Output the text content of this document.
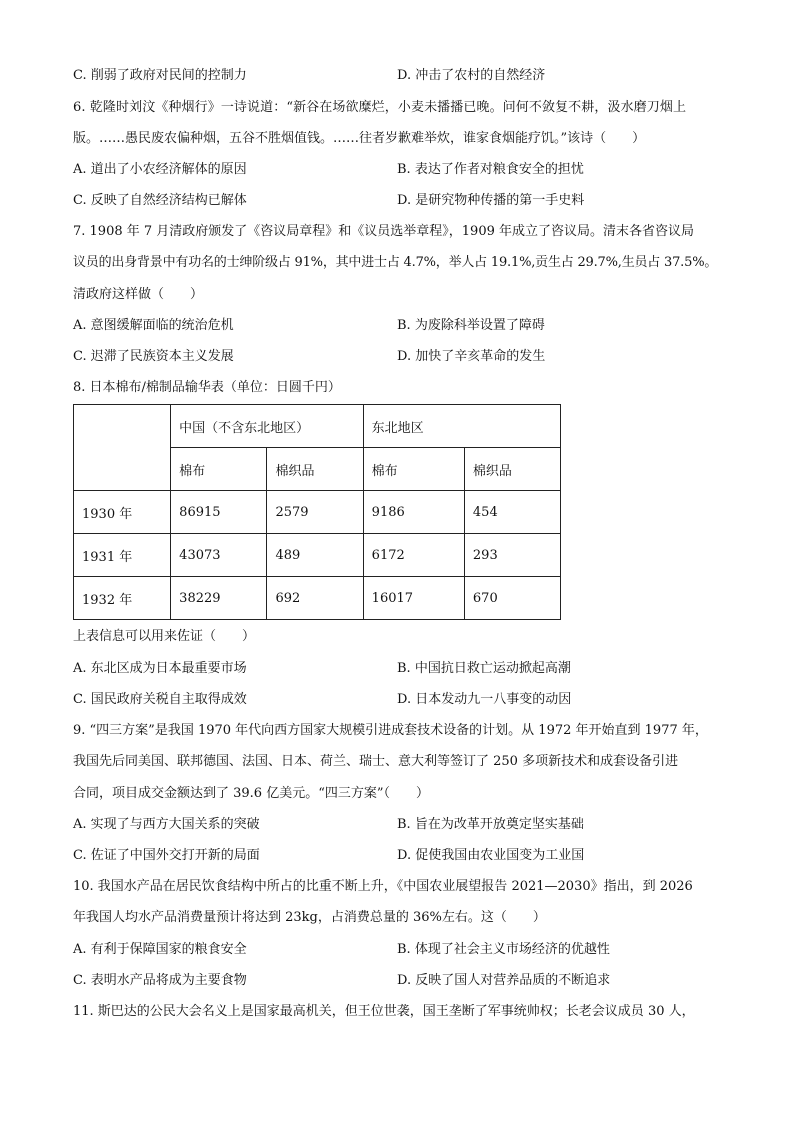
C. 削弱了政府对民间的控制力	D. 冲击了农村的自然经济
6. 乾隆时刘汶《种烟行》一诗说道：“新谷在场欲糜烂，小麦未播播已晚。问何不敛复不耕，汲水磨刀烟上
版。……愚民废农偏种烟，五谷不胜烟值钱。……往者岁歉难举炊，谁家食烟能疗饥。”该诗（　　）
A. 道出了小农经济解体的原因	B. 表达了作者对粮食安全的担忧
C. 反映了自然经济结构已解体	D. 是研究物种传播的第一手史料
7. 1908 年 7 月清政府颁发了《咨议局章程》和《议员选举章程》，1909 年成立了咨议局。清末各省咨议局
议员的出身背景中有功名的士绅阶级占 91%，其中进士占 4.7%，举人占 19.1%,贡生占 29.7%,生员占 37.5%。
清政府这样做（　　）
A. 意图缓解面临的统治危机	B. 为废除科举设置了障碍
C. 迟滞了民族资本主义发展	D. 加快了辛亥革命的发生
8. 日本棉布/棉制品输华表（单位：日圆千円）
	中国（不含东北地区）		东北地区	
	棉布	棉织品	棉布	棉织品
1930 年	86915	2579	9186	454
1931 年	43073	489	6172	293
1932 年	38229	692	16017	670
上表信息可以用来佐证（　　）
A. 东北区成为日本最重要市场	B. 中国抗日救亡运动掀起高潮
C. 国民政府关税自主取得成效	D. 日本发动九一八事变的动因
9. “四三方案”是我国 1970 年代向西方国家大规模引进成套技术设备的计划。从 1972 年开始直到 1977 年，
我国先后同美国、联邦德国、法国、日本、荷兰、瑞士、意大利等签订了 250 多项新技术和成套设备引进
合同，项目成交金额达到了 39.6 亿美元。“四三方案”（　　）
A. 实现了与西方大国关系的突破	B. 旨在为改革开放奠定坚实基础
C. 佐证了中国外交打开新的局面	D. 促使我国由农业国变为工业国
10. 我国水产品在居民饮食结构中所占的比重不断上升，《中国农业展望报告 2021—2030》指出，到 2026
年我国人均水产品消费量预计将达到 23kg，占消费总量的 36%左右。这（　　）
A. 有利于保障国家的粮食安全	B. 体现了社会主义市场经济的优越性
C. 表明水产品将成为主要食物	D. 反映了国人对营养品质的不断追求
11. 斯巴达的公民大会名义上是国家最高机关，但王位世袭，国王垄断了军事统帅权；长老会议成员 30 人，
